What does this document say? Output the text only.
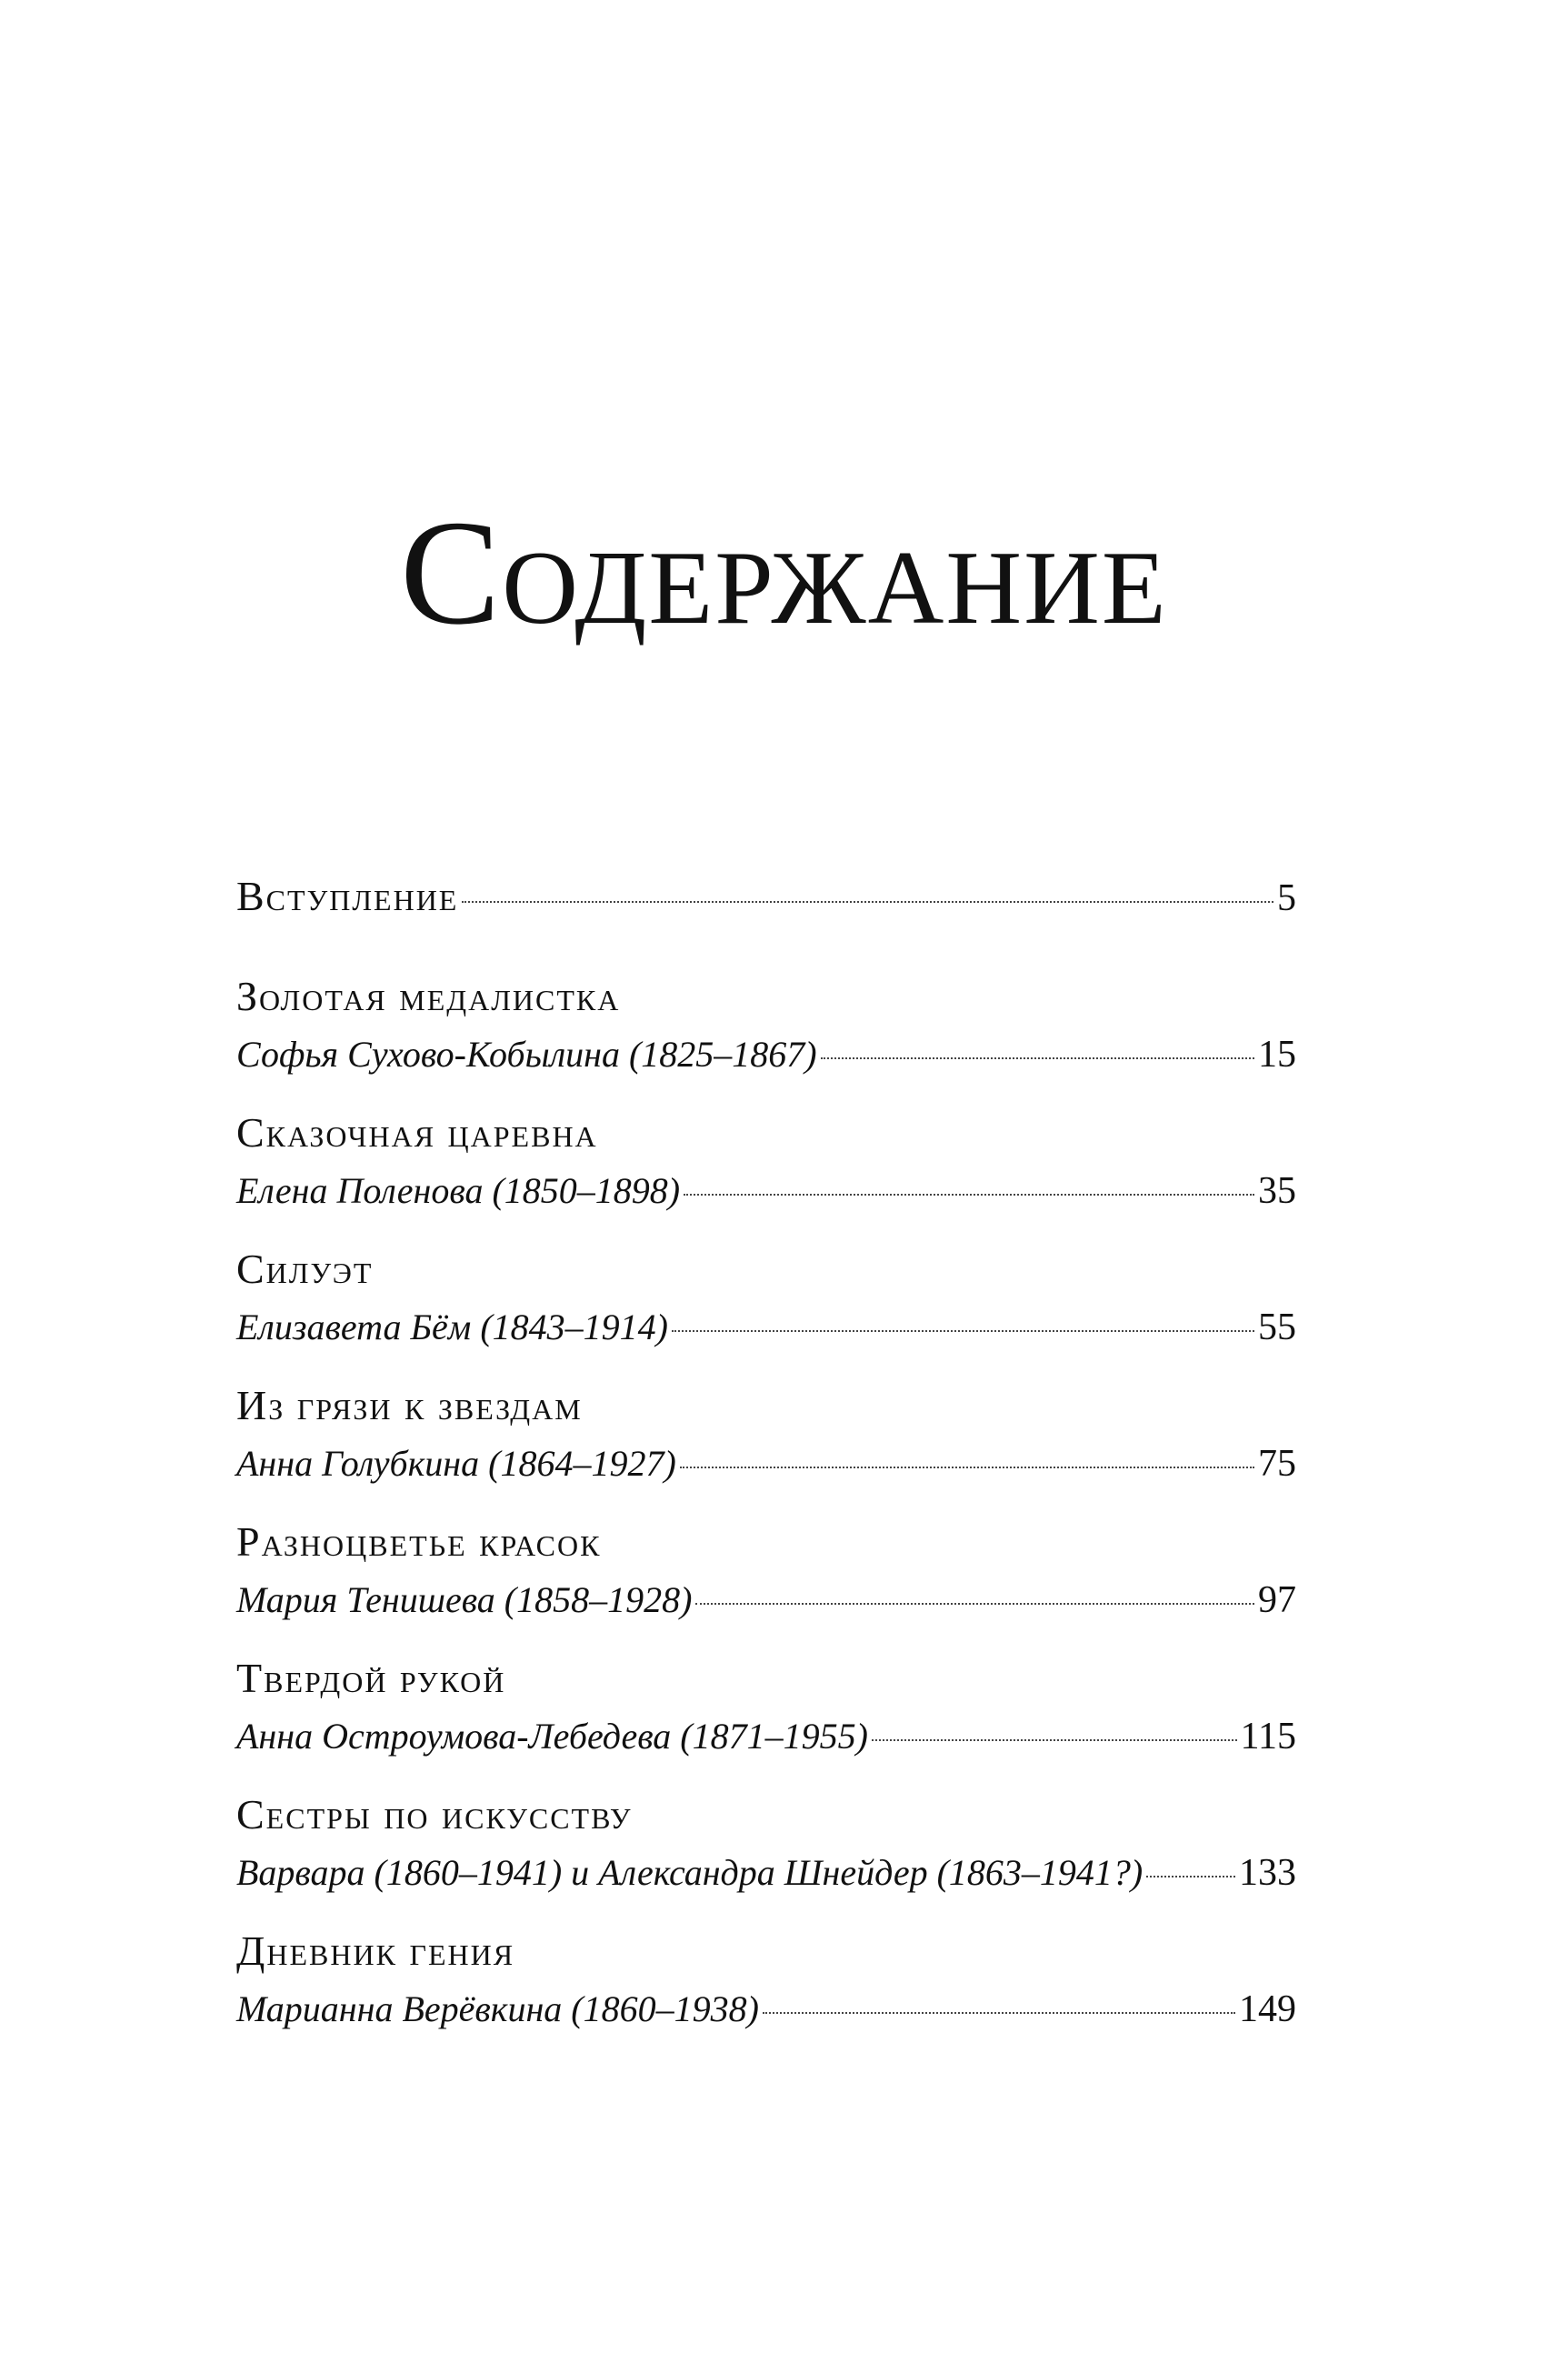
Содержание
Вступление	5
Золотая медалистка
Софья Сухово-Кобылина (1825–1867)	15
Сказочная царевна
Елена Поленова (1850–1898)	35
Силуэт
Елизавета Бём (1843–1914)	55
Из грязи к звездам
Анна Голубкина (1864–1927)	75
Разноцветье красок
Мария Тенишева (1858–1928)	97
Твердой рукой
Анна Остроумова-Лебедева (1871–1955)	115
Сестры по искусству
Варвара (1860–1941) и Александра Шнейдер (1863–1941?)	133
Дневник гения
Марианна Верёвкина (1860–1938)	149
